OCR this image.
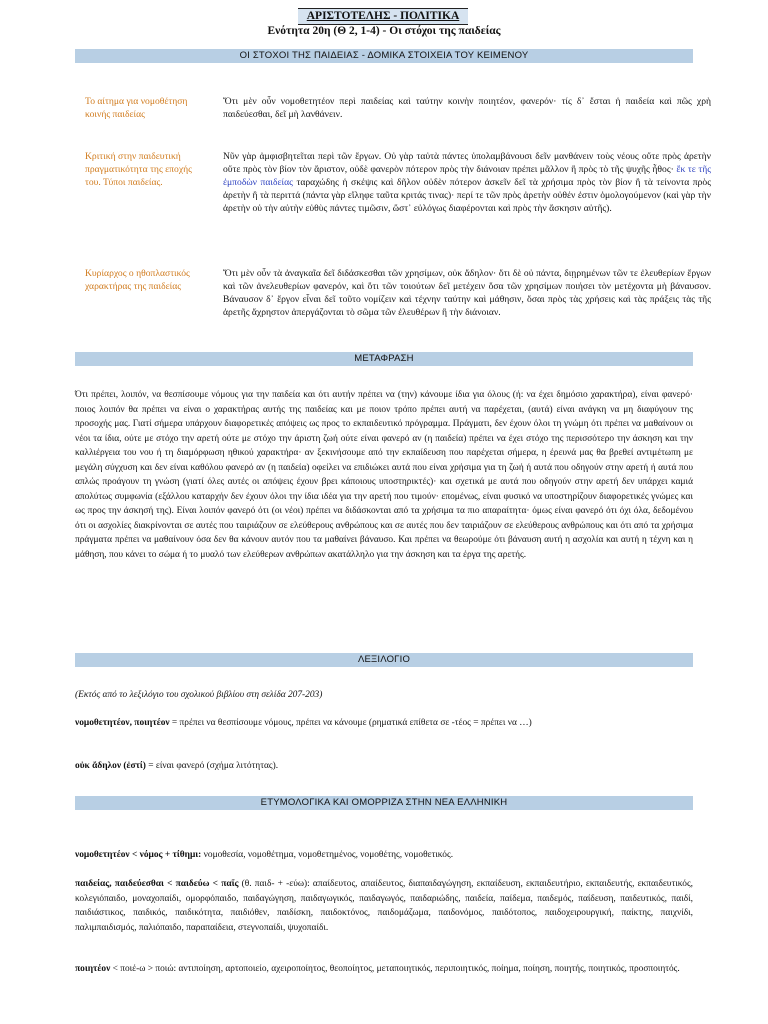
ΑΡΙΣΤΟΤΕΛΗΣ - ΠΟΛΙΤΙΚΑ
Ενότητα 20η (Θ 2, 1-4) - Οι στόχοι της παιδείας
ΟΙ ΣΤΟΧΟΙ ΤΗΣ ΠΑΙΔΕΙΑΣ - ΔΟΜΙΚΑ ΣΤΟΙΧΕΙΑ ΤΟΥ ΚΕΙΜΕΝΟΥ
Το αίτημα για νομοθέτηση κοινής παιδείας
Ὅτι μὲν οὖν νομοθετητέον περὶ παιδείας καὶ ταύτην κοινὴν ποιητέον, φανερόν· τίς δ᾽ ἔσται ἡ παιδεία καὶ πῶς χρὴ παιδεύεσθαι, δεῖ μὴ λανθάνειν.
Κριτική στην παιδευτική πραγματικότητα της εποχής του. Τύποι παιδείας.
Νῦν γὰρ ἀμφισβητεῖται περὶ τῶν ἔργων. Οὐ γὰρ ταὐτὰ πάντες ὑπολαμβάνουσι δεῖν μανθάνειν τοὺς νέους οὔτε πρὸς ἀρετὴν οὔτε πρὸς τὸν βίον τὸν ἄριστον, οὐδὲ φανερὸν πότερον πρὸς τὴν διάνοιαν πρέπει μᾶλλον ἢ πρὸς τὸ τῆς ψυχῆς ἦθος· ἔκ τε τῆς ἐμποδὼν παιδείας ταραχώδης ἡ σκέψις καὶ δῆλον οὐδὲν πότερον ἀσκεῖν δεῖ τὰ χρήσιμα πρὸς τὸν βίον ἢ τὰ τείνοντα πρὸς ἀρετὴν ἢ τὰ περιττά (πάντα γὰρ εἴληφε ταῦτα κριτάς τινας)· περί τε τῶν πρὸς ἀρετὴν οὐθέν ἐστιν ὁμολογούμενον (καὶ γὰρ τὴν ἀρετὴν οὐ τὴν αὐτὴν εὐθὺς πάντες τιμῶσιν, ὥστ᾽ εὐλόγως διαφέρονται καὶ πρὸς τὴν ἄσκησιν αὐτῆς).
Κυρίαρχος ο ηθοπλαστικός χαρακτήρας της παιδείας
Ὅτι μὲν οὖν τὰ ἀναγκαῖα δεῖ διδάσκεσθαι τῶν χρησίμων, οὐκ ἄδηλον· ὅτι δὲ οὐ πάντα, διῃρημένων τῶν τε ἐλευθερίων ἔργων καὶ τῶν ἀνελευθερίων φανερόν, καὶ ὅτι τῶν τοιούτων δεῖ μετέχειν ὅσα τῶν χρησίμων ποιήσει τὸν μετέχοντα μὴ βάναυσον. Βάναυσον δ᾽ ἔργον εἶναι δεῖ τοῦτο νομίζειν καὶ τέχνην ταύτην καὶ μάθησιν, ὅσαι πρὸς τὰς χρήσεις καὶ τὰς πράξεις τὰς τῆς ἀρετῆς ἄχρηστον ἀπεργάζονται τὸ σῶμα τῶν ἐλευθέρων ἢ τὴν διάνοιαν.
ΜΕΤΑΦΡΑΣΗ
Ότι πρέπει, λοιπόν, να θεσπίσουμε νόμους για την παιδεία και ότι αυτήν πρέπει να (την) κάνουμε ίδια για όλους (ή: να έχει δημόσιο χαρακτήρα), είναι φανερό· ποιος λοιπόν θα πρέπει να είναι ο χαρακτήρας αυτής της παιδείας και με ποιον τρόπο πρέπει αυτή να παρέχεται, (αυτά) είναι ανάγκη να μη διαφύγουν της προσοχής μας. Γιατί σήμερα υπάρχουν διαφορετικές απόψεις ως προς το εκπαιδευτικό πρόγραμμα. Πράγματι, δεν έχουν όλοι τη γνώμη ότι πρέπει να μαθαίνουν οι νέοι τα ίδια, ούτε με στόχο την αρετή ούτε με στόχο την άριστη ζωή ούτε είναι φανερό αν (η παιδεία) πρέπει να έχει στόχο της περισσότερο την άσκηση και την καλλιέργεια του νου ή τη διαμόρφωση ηθικού χαρακτήρα· αν ξεκινήσουμε από την εκπαίδευση που παρέχεται σήμερα, η έρευνά μας θα βρεθεί αντιμέτωπη με μεγάλη σύγχυση και δεν είναι καθόλου φανερό αν (η παιδεία) οφείλει να επιδιώκει αυτά που είναι χρήσιμα για τη ζωή ή αυτά που οδηγούν στην αρετή ή αυτά που απλώς προάγουν τη γνώση (γιατί όλες αυτές οι απόψεις έχουν βρει κάποιους υποστηρικτές)· και σχετικά με αυτά που οδηγούν στην αρετή δεν υπάρχει καμιά απολύτως συμφωνία (εξάλλου καταρχήν δεν έχουν όλοι την ίδια ιδέα για την αρετή που τιμούν· επομένως, είναι φυσικό να υποστηρίζουν διαφορετικές γνώμες και ως προς την άσκησή της). Είναι λοιπόν φανερό ότι (οι νέοι) πρέπει να διδάσκονται από τα χρήσιμα τα πιο απαραίτητα· όμως είναι φανερό ότι όχι όλα, δεδομένου ότι οι ασχολίες διακρίνονται σε αυτές που ταιριάζουν σε ελεύθερους ανθρώπους και σε αυτές που δεν ταιριάζουν σε ελεύθερους ανθρώπους και ότι από τα χρήσιμα πράγματα πρέπει να μαθαίνουν όσα δεν θα κάνουν αυτόν που τα μαθαίνει βάναυσο. Και πρέπει να θεωρούμε ότι βάναυση αυτή η ασχολία και αυτή η τέχνη και η μάθηση, που κάνει το σώμα ή το μυαλό των ελεύθερων ανθρώπων ακατάλληλο για την άσκηση και τα έργα της αρετής.
ΛΕΞΙΛΟΓΙΟ
(Εκτός από το λεξιλόγιο του σχολικού βιβλίου στη σελίδα 207-203)
νομοθετητέον, ποιητέον = πρέπει να θεσπίσουμε νόμους, πρέπει να κάνουμε (ρηματικά επίθετα σε -τέος = πρέπει να …)
οὐκ ἄδηλον (ἐστί) = είναι φανερό (σχήμα λιτότητας).
ΕΤΥΜΟΛΟΓΙΚΑ ΚΑΙ ΟΜΟΡΡΙΖΑ ΣΤΗΝ ΝΕΑ ΕΛΛΗΝΙΚΗ
νομοθετητέον < νόμος + τίθημι: νομοθεσία, νομοθέτημα, νομοθετημένος, νομοθέτης, νομοθετικός.
παιδείας, παιδεύεσθαι < παιδεύω < παῖς (θ. παιδ- + -εύω): απαίδευτος, απαίδευτος, διαπαιδαγώγηση, εκπαίδευση, εκπαιδευτήριο, εκπαιδευτής, εκπαιδευτικός, κολεγιόπαιδο, μοναχοπαίδι, ομορφόπαιδο, παιδαγώγηση, παιδαγωγικός, παιδαγωγός, παιδαριώδης, παιδεία, παίδεμα, παιδεμός, παίδευση, παιδευτικός, παιδί, παιδιάστικος, παιδικός, παιδικότητα, παιδιόθεν, παιδίσκη, παιδοκτόνος, παιδομάζωμα, παιδονόμος, παιδότοπος, παιδοχειρουργική, παίκτης, παιχνίδι, παλιμπαιδισμός, παλιόπαιδο, παραπαίδεια, στεγνοπαίδι, ψυχοπαίδι.
ποιητέον < ποιέ-ω > ποιώ: αντιποίηση, αρτοποιείο, αχειροποίητος, θεοποίητος, μεταποιητικός, περιποιητικός, ποίημα, ποίηση, ποιητής, ποιητικός, προσποιητός.
